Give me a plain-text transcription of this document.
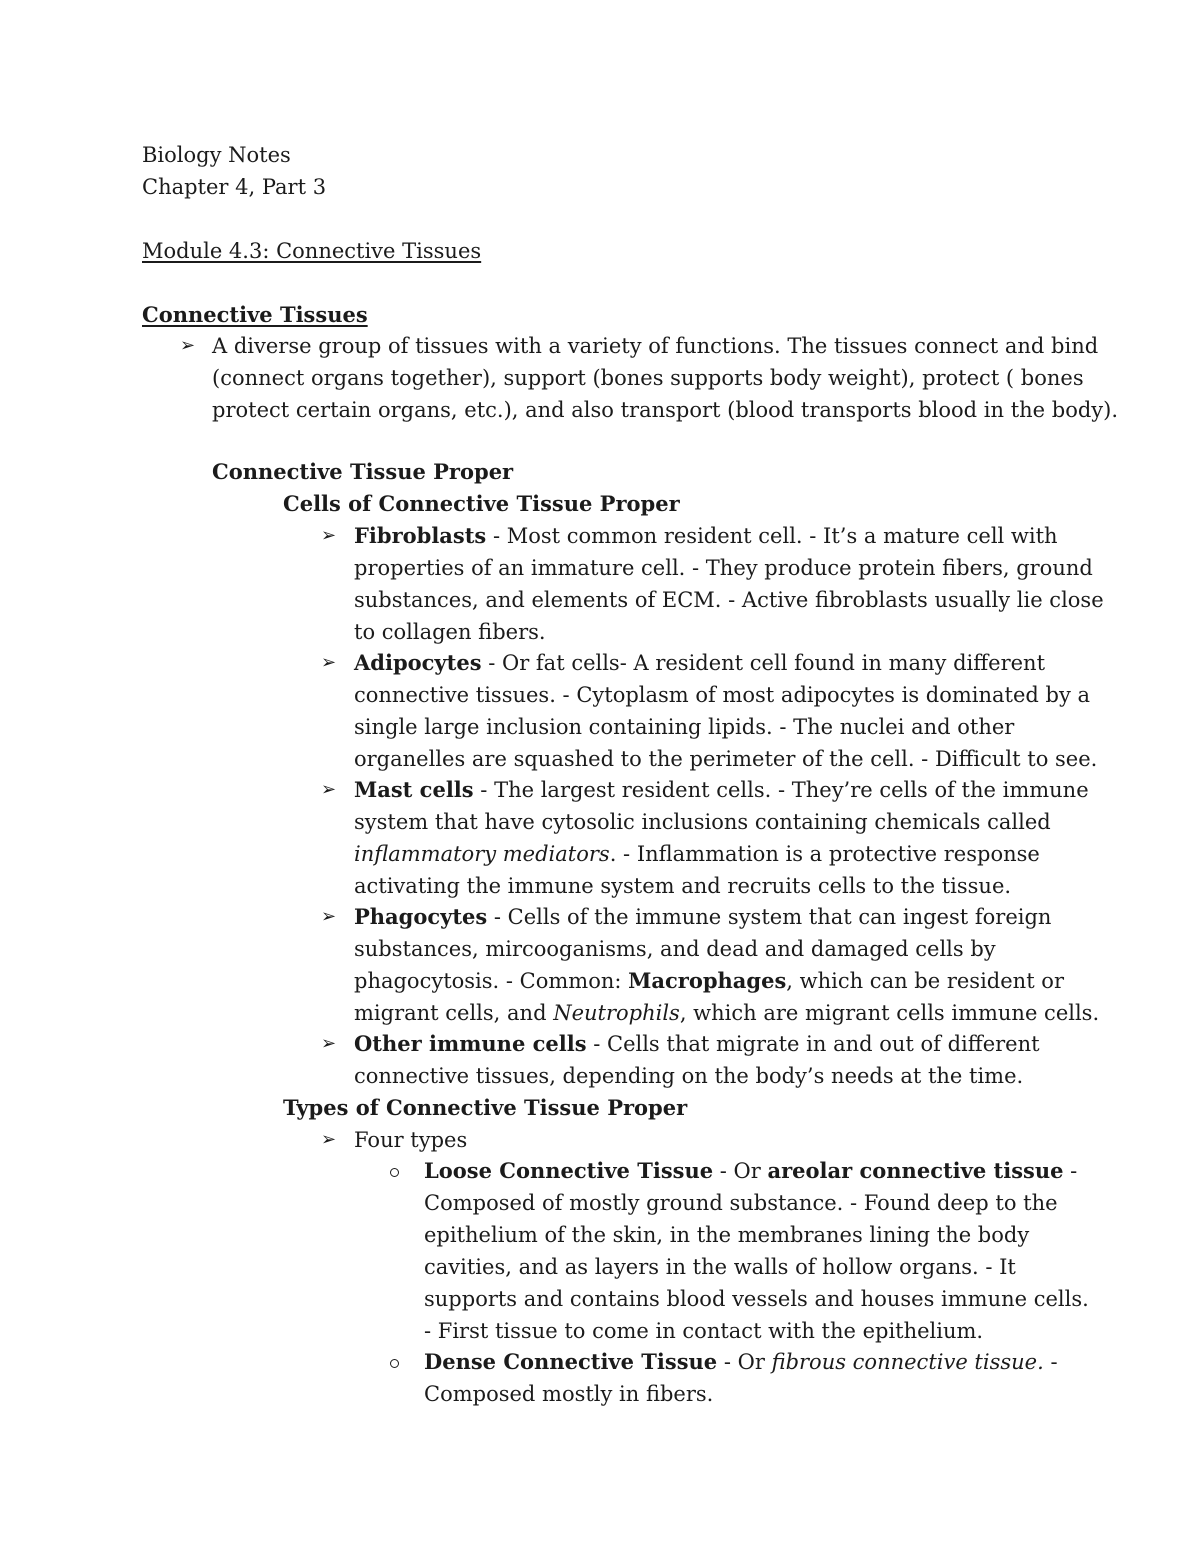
Biology Notes
Chapter 4, Part 3
Module 4.3: Connective Tissues
Connective Tissues
➢ A diverse group of tissues with a variety of functions. The tissues connect and bind
(connect organs together), support (bones supports body weight), protect ( bones
protect certain organs, etc.), and also transport (blood transports blood in the body).
Connective Tissue Proper
Cells of Connective Tissue Proper
➢ Fibroblasts - Most common resident cell. - It’s a mature cell with
properties of an immature cell. - They produce protein fibers, ground
substances, and elements of ECM. - Active fibroblasts usually lie close
to collagen fibers.
➢ Adipocytes - Or fat cells- A resident cell found in many different
connective tissues. - Cytoplasm of most adipocytes is dominated by a
single large inclusion containing lipids. - The nuclei and other
organelles are squashed to the perimeter of the cell. - Difficult to see.
➢ Mast cells - The largest resident cells. - They’re cells of the immune
system that have cytosolic inclusions containing chemicals called
inflammatory mediators. - Inflammation is a protective response
activating the immune system and recruits cells to the tissue.
➢ Phagocytes - Cells of the immune system that can ingest foreign
substances, mircooganisms, and dead and damaged cells by
phagocytosis. - Common: Macrophages, which can be resident or
migrant cells, and Neutrophils, which are migrant cells immune cells.
➢ Other immune cells - Cells that migrate in and out of different
connective tissues, depending on the body’s needs at the time.
Types of Connective Tissue Proper
➢ Four types
Loose Connective Tissue - Or areolar connective tissue -
Composed of mostly ground substance. - Found deep to the
epithelium of the skin, in the membranes lining the body
cavities, and as layers in the walls of hollow organs. - It
supports and contains blood vessels and houses immune cells.
- First tissue to come in contact with the epithelium.
Dense Connective Tissue - Or fibrous connective tissue. -
Composed mostly in fibers.
